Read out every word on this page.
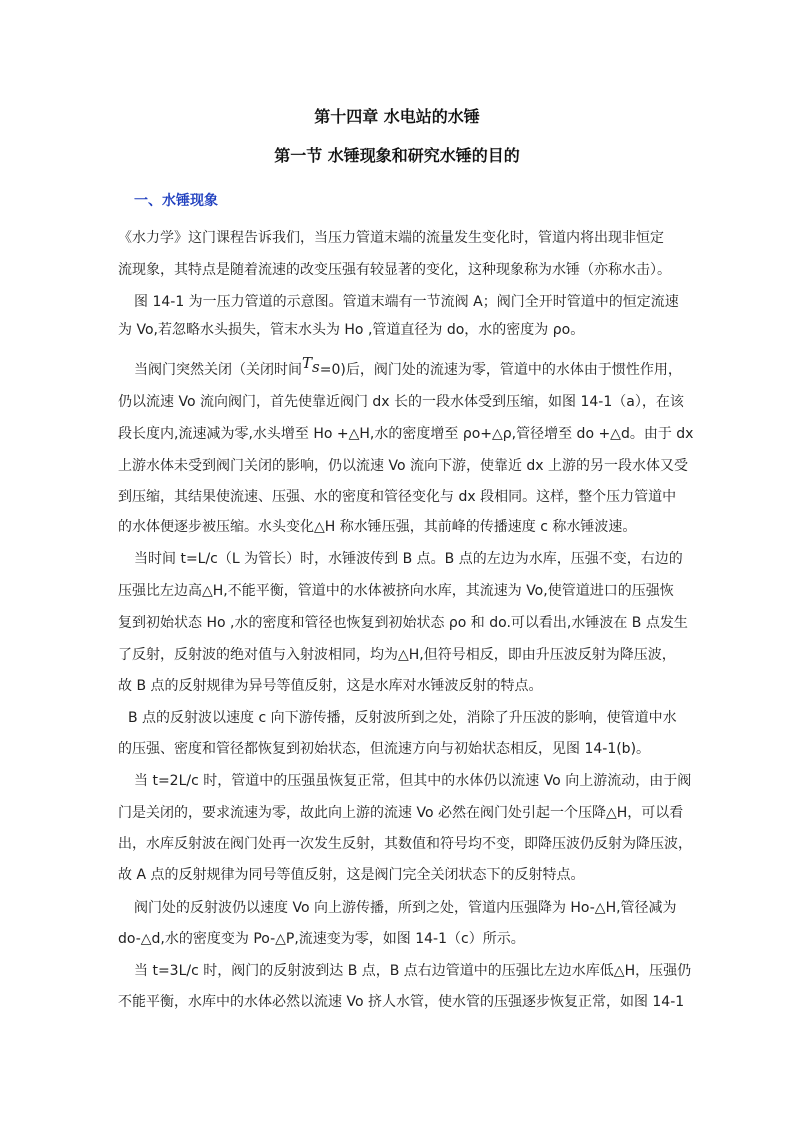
第十四章 水电站的水锤
第一节 水锤现象和研究水锤的目的
一、水锤现象
《水力学》这门课程告诉我们，当压力管道末端的流量发生变化时，管道内将出现非恒定
流现象，其特点是随着流速的改变压强有较显著的变化，这种现象称为水锤（亦称水击）。
图 14-1 为一压力管道的示意图。管道末端有一节流阀 A；阀门全开时管道中的恒定流速
为 Vo,若忽略水头损失，管末水头为 Ho ,管道直径为 do，水的密度为 ρo。
当阀门突然关闭（关闭时间$T_s=0$)后，阀门处的流速为零，管道中的水体由于惯性作用，
仍以流速 Vo 流向阀门，首先使靠近阀门 dx 长的一段水体受到压缩，如图 14-1（a），在该
段长度内,流速减为零,水头增至 Ho +△H,水的密度增至 ρo+△ρ,管径增至 do +△d。由于 dx
上游水体未受到阀门关闭的影响，仍以流速 Vo 流向下游，使靠近 dx 上游的另一段水体又受
到压缩，其结果使流速、压强、水的密度和管径变化与 dx 段相同。这样，整个压力管道中
的水体便逐步被压缩。水头变化△H 称水锤压强，其前峰的传播速度 c 称水锤波速。
当时间 t=L/c（L 为管长）时，水锤波传到 B 点。B 点的左边为水库，压强不变，右边的
压强比左边高△H,不能平衡，管道中的水体被挤向水库，其流速为 Vo,使管道进口的压强恢
复到初始状态 Ho ,水的密度和管径也恢复到初始状态 ρo 和 do.可以看出,水锤波在 B 点发生
了反射，反射波的绝对值与入射波相同，均为△H,但符号相反，即由升压波反射为降压波，
故 B 点的反射规律为异号等值反射，这是水库对水锤波反射的特点。
B 点的反射波以速度 c 向下游传播，反射波所到之处，消除了升压波的影响，使管道中水
的压强、密度和管径都恢复到初始状态，但流速方向与初始状态相反，见图 14-1(b)。
当 t=2L/c 时，管道中的压强虽恢复正常，但其中的水体仍以流速 Vo 向上游流动，由于阀
门是关闭的，要求流速为零，故此向上游的流速 Vo 必然在阀门处引起一个压降△H，可以看
出，水库反射波在阀门处再一次发生反射，其数值和符号均不变，即降压波仍反射为降压波，
故 A 点的反射规律为同号等值反射，这是阀门完全关闭状态下的反射特点。
阀门处的反射波仍以速度 Vo 向上游传播，所到之处，管道内压强降为 Ho-△H,管径减为
do-△d,水的密度变为 Po-△P,流速变为零，如图 14-1（c）所示。
当 t=3L/c 时，阀门的反射波到达 B 点，B 点右边管道中的压强比左边水库低△H，压强仍
不能平衡，水库中的水体必然以流速 Vo 挤人水管，使水管的压强逐步恢复正常，如图 14-1
